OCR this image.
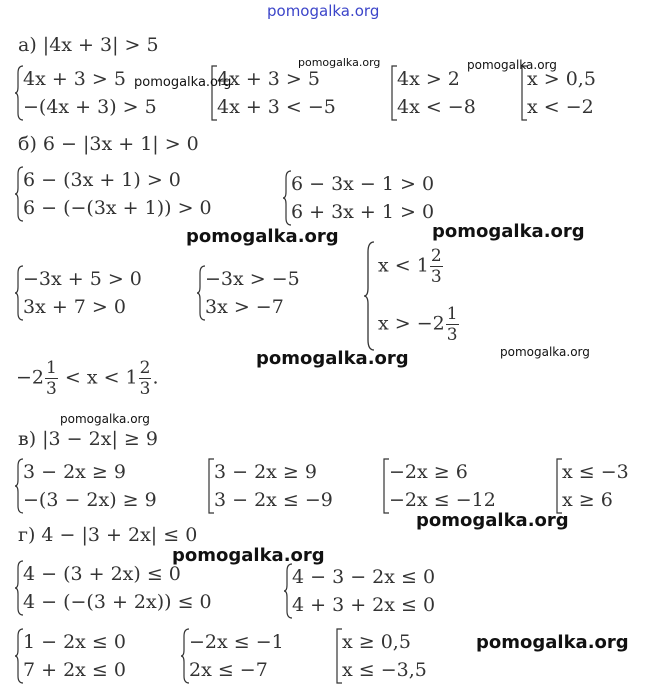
pomogalka.org
а) |4x + 3| > 5
4x + 3 > 5
−(4x + 3) > 5
4x + 3 > 5
4x + 3 < −5
4x > 2
4x < −8
x > 0,5
x < −2
б) 6 − |3x + 1| > 0
6 − (3x + 1) > 0
6 − (−(3x + 1)) > 0
6 − 3x − 1 > 0
6 + 3x + 1 > 0
−3x + 5 > 0
3x + 7 > 0
−3x > −5
3x > −7
$x < 1 \frac{2}{3}$
$x > -2 \frac{1}{3}$
$-2 \frac{1}{3} < x < 1 \frac{2}{3}$ .
в) |3 − 2x| ≥ 9
3 − 2x ≥ 9
−(3 − 2x) ≥ 9
3 − 2x ≥ 9
3 − 2x ≤ −9
−2x ≥ 6
−2x ≤ −12
x ≤ −3
x ≥ 6
г) 4 − |3 + 2x| ≤ 0
4 − (3 + 2x) ≤ 0
4 − (−(3 + 2x)) ≤ 0
4 − 3 − 2x ≤ 0
4 + 3 + 2x ≤ 0
1 − 2x ≤ 0
7 + 2x ≤ 0
−2x ≤ −1
2x ≤ −7
x ≥ 0,5
x ≤ −3,5
pomogalka.org	pomogalka.org
pomogalka.org
pomogalka.org	pomogalka.org
pomogalka.org	pomogalka.org
pomogalka.org
pomogalka.org
pomogalka.org
pomogalka.org
